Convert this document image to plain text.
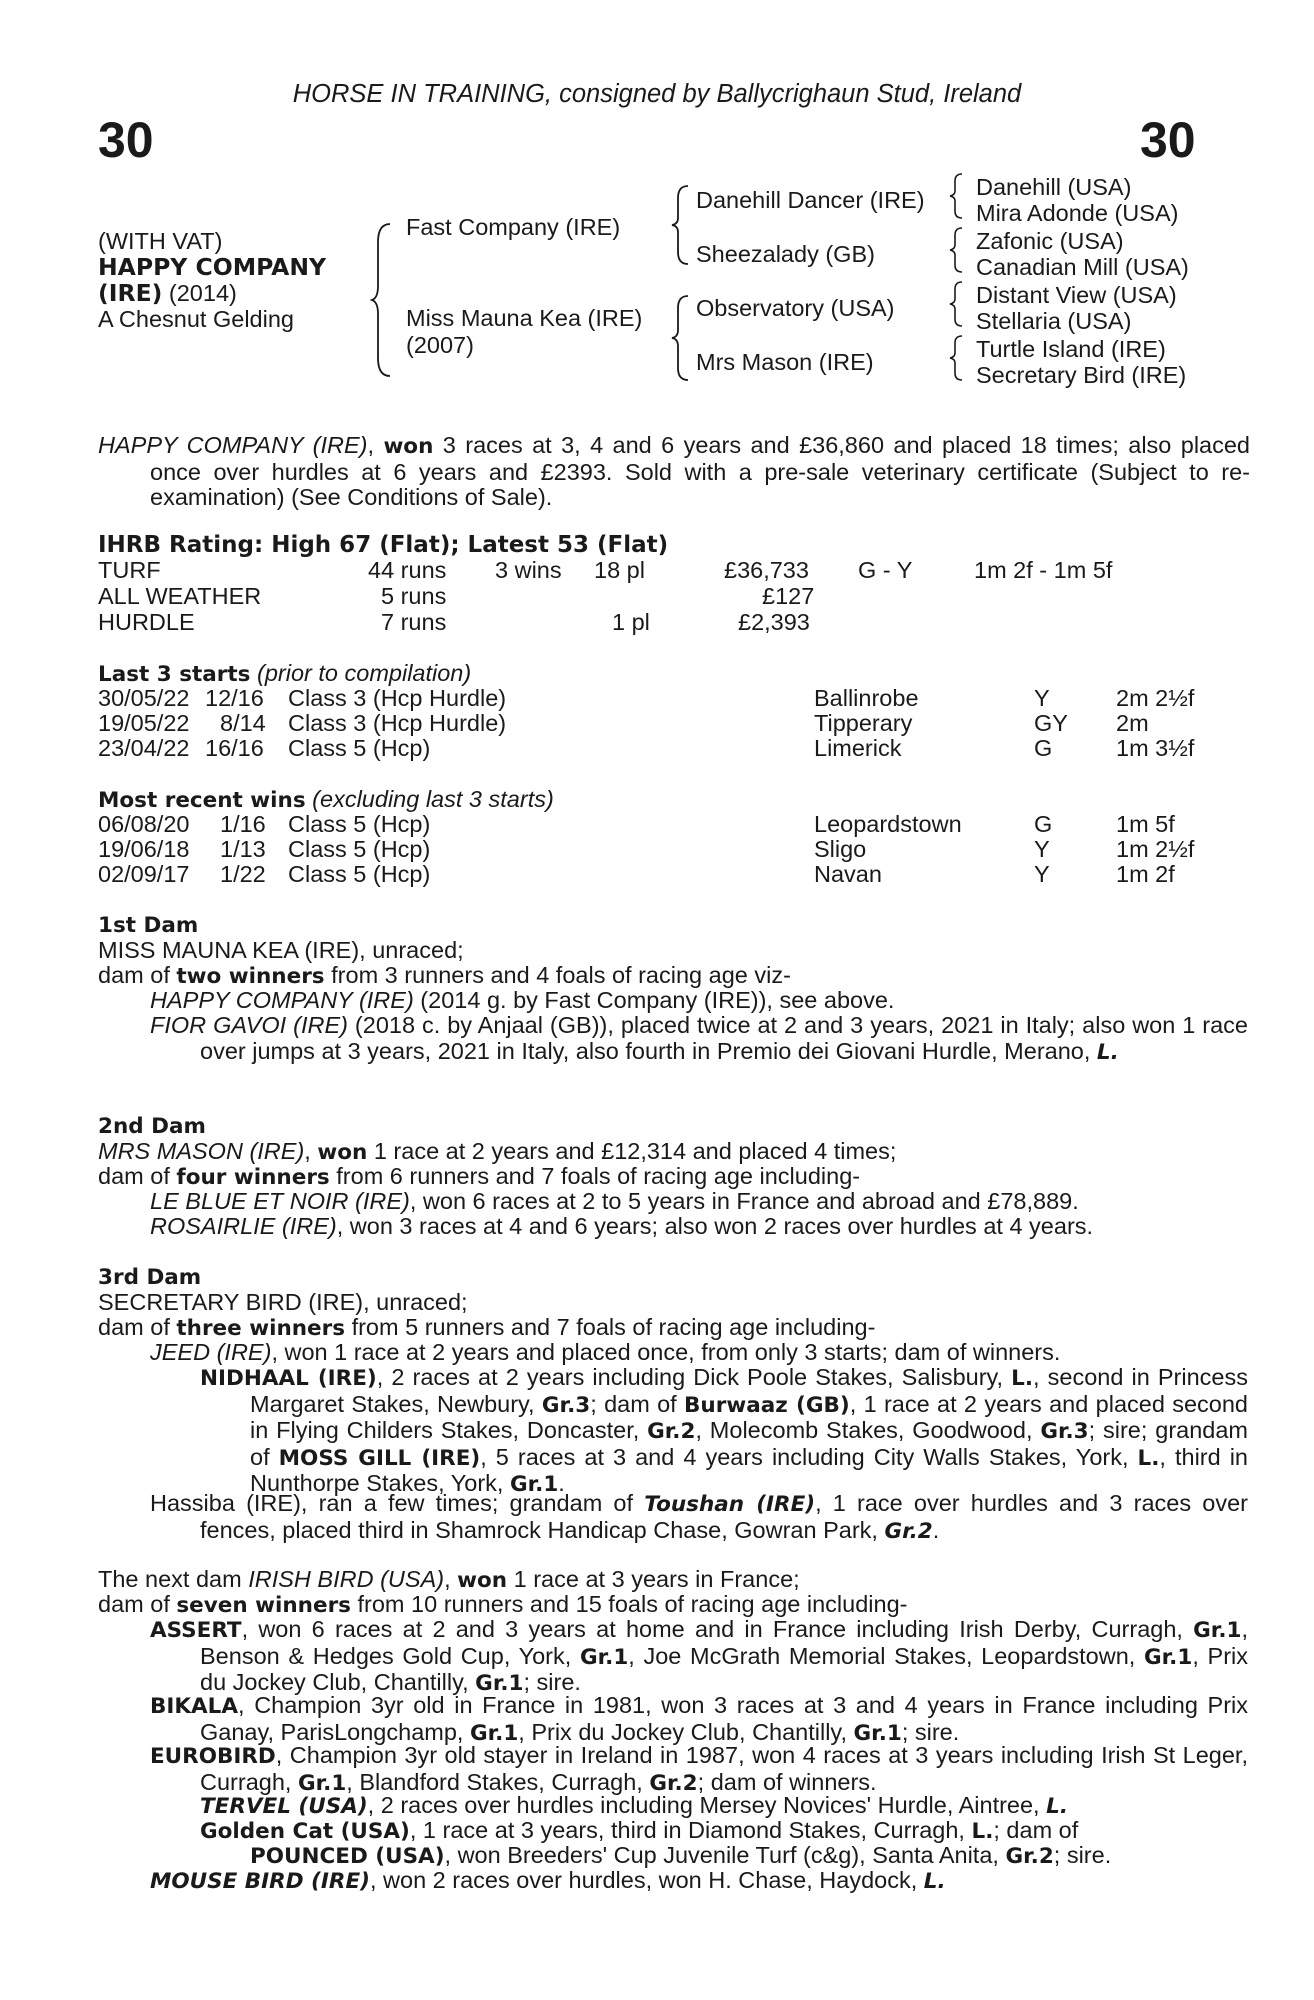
HORSE IN TRAINING, consigned by Ballycrighaun Stud, Ireland
30	30
(WITH VAT)
HAPPY COMPANY
(IRE) (2014)
A Chesnut Gelding
Fast Company (IRE)
Miss Mauna Kea (IRE)
(2007)
Danehill Dancer (IRE)
Sheezalady (GB)
Observatory (USA)
Mrs Mason (IRE)
Danehill (USA)
Mira Adonde (USA)
Zafonic (USA)
Canadian Mill (USA)
Distant View (USA)
Stellaria (USA)
Turtle Island (IRE)
Secretary Bird (IRE)
HAPPY COMPANY (IRE), won 3 races at 3, 4 and 6 years and £36,860 and placed 18 times; also placed once over hurdles at 6 years and £2393. Sold with a pre-sale veterinary certificate (Subject to re-examination) (See Conditions of Sale).
IHRB Rating: High 67 (Flat); Latest 53 (Flat)
TURF	44 runs 3 wins 18 pl	£36,733 G - Y	1m 2f - 1m 5f
ALL WEATHER	5 runs	£127
HURDLE	7 runs	1 pl	£2,393
Last 3 starts (prior to compilation)
30/05/22 12/16 Class 3 (Hcp Hurdle)	Ballinrobe	Y	2m 2½f
19/05/22 8/14 Class 3 (Hcp Hurdle)	Tipperary	GY 2m
23/04/22 16/16 Class 5 (Hcp)	Limerick	G	1m 3½f
Most recent wins (excluding last 3 starts)
06/08/20 1/16 Class 5 (Hcp)	Leopardstown	G	1m 5f
19/06/18 1/13 Class 5 (Hcp)	Sligo	Y	1m 2½f
02/09/17 1/22 Class 5 (Hcp)	Navan	Y	1m 2f
1st Dam
MISS MAUNA KEA (IRE), unraced;
dam of two winners from 3 runners and 4 foals of racing age viz-
HAPPY COMPANY (IRE) (2014 g. by Fast Company (IRE)), see above.
FIOR GAVOI (IRE) (2018 c. by Anjaal (GB)), placed twice at 2 and 3 years, 2021 in Italy; also won 1 race over jumps at 3 years, 2021 in Italy, also fourth in Premio dei Giovani Hurdle, Merano, L.
2nd Dam
MRS MASON (IRE), won 1 race at 2 years and £12,314 and placed 4 times;
dam of four winners from 6 runners and 7 foals of racing age including-
LE BLUE ET NOIR (IRE), won 6 races at 2 to 5 years in France and abroad and £78,889.
ROSAIRLIE (IRE), won 3 races at 4 and 6 years; also won 2 races over hurdles at 4 years.
3rd Dam
SECRETARY BIRD (IRE), unraced;
dam of three winners from 5 runners and 7 foals of racing age including-
JEED (IRE), won 1 race at 2 years and placed once, from only 3 starts; dam of winners.
NIDHAAL (IRE), 2 races at 2 years including Dick Poole Stakes, Salisbury, L., second in Princess Margaret Stakes, Newbury, Gr.3; dam of Burwaaz (GB), 1 race at 2 years and placed second in Flying Childers Stakes, Doncaster, Gr.2, Molecomb Stakes, Goodwood, Gr.3; sire; grandam of MOSS GILL (IRE), 5 races at 3 and 4 years including City Walls Stakes, York, L., third in Nunthorpe Stakes, York, Gr.1.
Hassiba (IRE), ran a few times; grandam of Toushan (IRE), 1 race over hurdles and 3 races over fences, placed third in Shamrock Handicap Chase, Gowran Park, Gr.2.
The next dam IRISH BIRD (USA), won 1 race at 3 years in France;
dam of seven winners from 10 runners and 15 foals of racing age including-
ASSERT, won 6 races at 2 and 3 years at home and in France including Irish Derby, Curragh, Gr.1, Benson & Hedges Gold Cup, York, Gr.1, Joe McGrath Memorial Stakes, Leopardstown, Gr.1, Prix du Jockey Club, Chantilly, Gr.1; sire.
BIKALA, Champion 3yr old in France in 1981, won 3 races at 3 and 4 years in France including Prix Ganay, ParisLongchamp, Gr.1, Prix du Jockey Club, Chantilly, Gr.1; sire.
EUROBIRD, Champion 3yr old stayer in Ireland in 1987, won 4 races at 3 years including Irish St Leger, Curragh, Gr.1, Blandford Stakes, Curragh, Gr.2; dam of winners.
TERVEL (USA), 2 races over hurdles including Mersey Novices' Hurdle, Aintree, L.
Golden Cat (USA), 1 race at 3 years, third in Diamond Stakes, Curragh, L.; dam of
POUNCED (USA), won Breeders' Cup Juvenile Turf (c&g), Santa Anita, Gr.2; sire.
MOUSE BIRD (IRE), won 2 races over hurdles, won H. Chase, Haydock, L.
